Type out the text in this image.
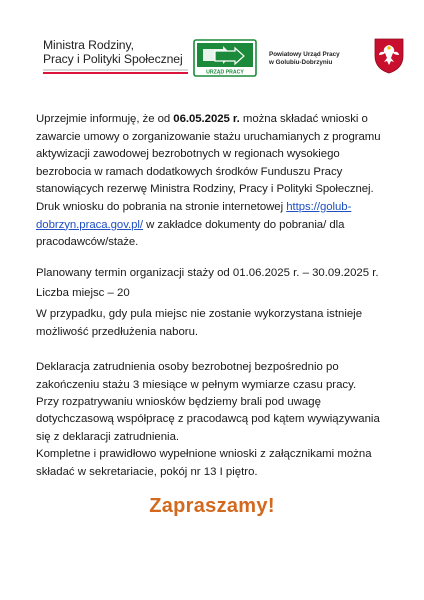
Ministra Rodziny,
Pracy i Polityki Społecznej
URZĄD PRACY
Powiatowy Urząd Pracy
w Golubiu-Dobrzyniu

Uprzejmie informuję, że od 06.05.2025 r. można składać wnioski o zawarcie umowy o zorganizowanie stażu uruchamianych z programu aktywizacji zawodowej bezrobotnych w regionach wysokiego bezrobocia w ramach dodatkowych środków Funduszu Pracy stanowiących rezerwę Ministra Rodziny, Pracy i Polityki Społecznej. Druk wniosku do pobrania na stronie internetowej https://golub-dobrzyn.praca.gov.pl/ w zakładce dokumenty do pobrania/ dla pracodawców/staże.

Planowany termin organizacji staży od 01.06.2025 r. – 30.09.2025 r.

Liczba miejsc – 20

W przypadku, gdy pula miejsc nie zostanie wykorzystana istnieje możliwość przedłużenia naboru.

Deklaracja zatrudnienia osoby bezrobotnej bezpośrednio po zakończeniu stażu 3 miesiące w pełnym wymiarze czasu pracy.

Przy rozpatrywaniu wniosków będziemy brali pod uwagę dotychczasową współpracę z pracodawcą pod kątem wywiązywania się z deklaracji zatrudnienia.

Kompletne i prawidłowo wypełnione wnioski z załącznikami można składać w sekretariacie, pokój nr 13 I piętro.

Zapraszamy!
